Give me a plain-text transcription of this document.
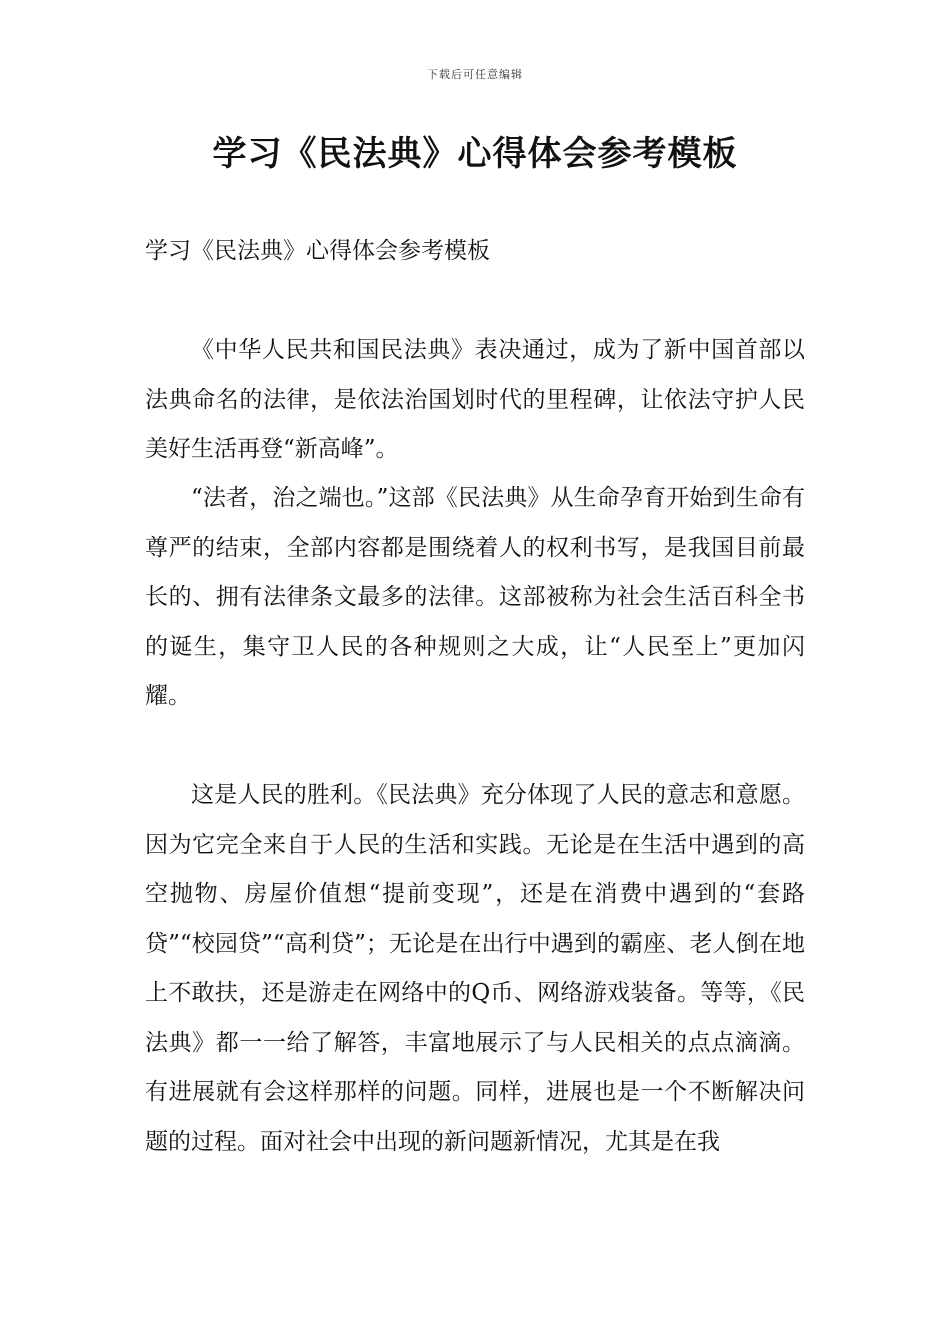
下载后可任意编辑
学习《民法典》心得体会参考模板
学习《民法典》心得体会参考模板

《中华人民共和国民法典》表决通过，成为了新中国首部以法典命名的法律，是依法治国划时代的里程碑，让依法守护人民美好生活再登“新高峰”。

“法者，治之端也。”这部《民法典》从生命孕育开始到生命有尊严的结束，全部内容都是围绕着人的权利书写，是我国目前最长的、拥有法律条文最多的法律。这部被称为社会生活百科全书的诞生，集守卫人民的各种规则之大成，让“人民至上”更加闪耀。

这是人民的胜利。《民法典》充分体现了人民的意志和意愿。因为它完全来自于人民的生活和实践。无论是在生活中遇到的高空抛物、房屋价值想“提前变现”，还是在消费中遇到的“套路贷”“校园贷”“高利贷”；无论是在出行中遇到的霸座、老人倒在地上不敢扶，还是游走在网络中的Q币、网络游戏装备。等等，《民法典》都一一给了解答，丰富地展示了与人民相关的点点滴滴。有进展就有会这样那样的问题。同样，进展也是一个不断解决问题的过程。面对社会中出现的新问题新情况，尤其是在我
